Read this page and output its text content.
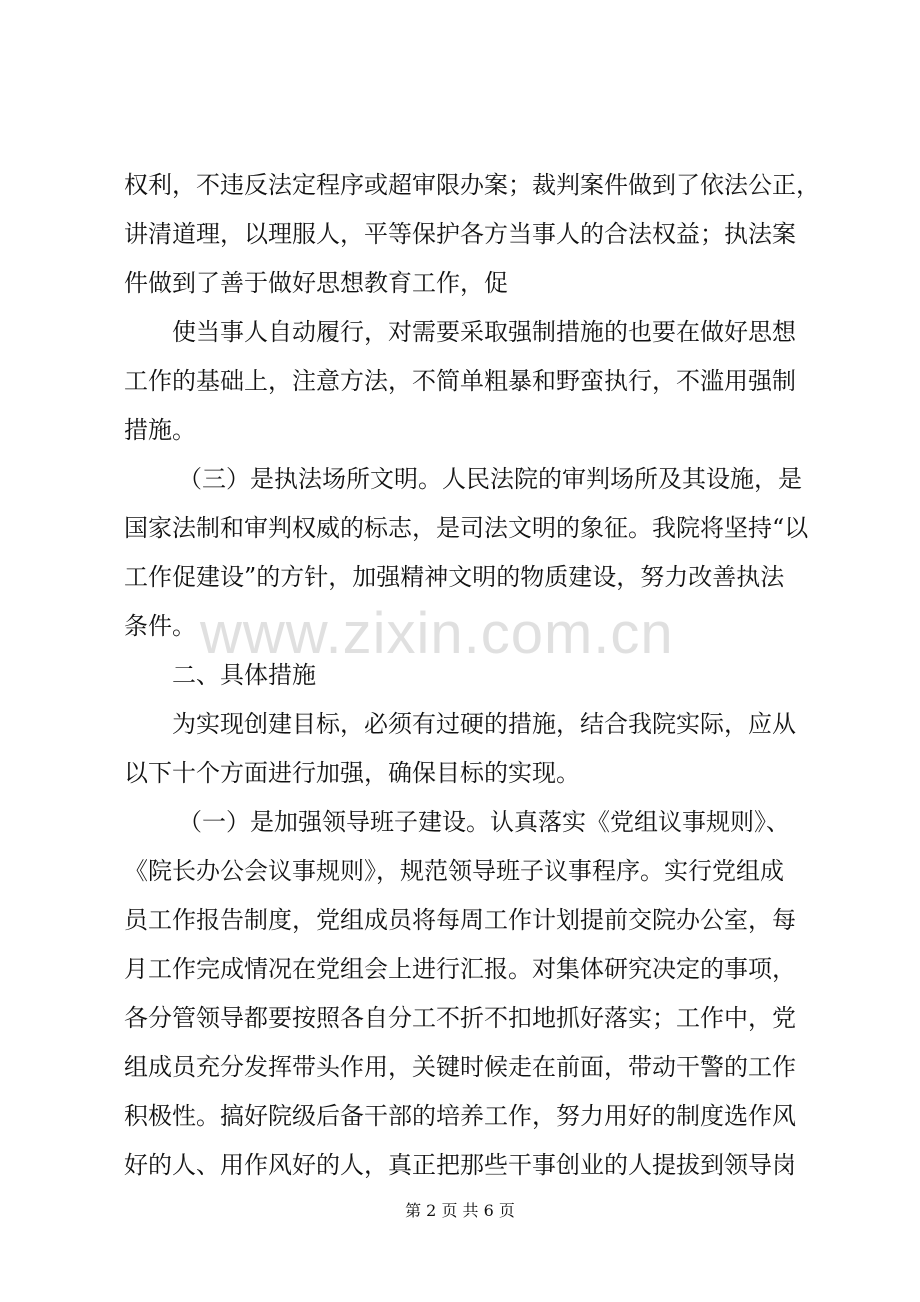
www.zixin.com.cn
权利，不违反法定程序或超审限办案；裁判案件做到了依法公正，
讲清道理，以理服人，平等保护各方当事人的合法权益；执法案
件做到了善于做好思想教育工作，促
使当事人自动履行，对需要采取强制措施的也要在做好思想
工作的基础上，注意方法，不简单粗暴和野蛮执行，不滥用强制
措施。
（三）是执法场所文明。人民法院的审判场所及其设施，是
国家法制和审判权威的标志，是司法文明的象征。我院将坚持“以
工作促建设”的方针，加强精神文明的物质建设，努力改善执法
条件。
二、具体措施
为实现创建目标，必须有过硬的措施，结合我院实际，应从
以下十个方面进行加强，确保目标的实现。
（一）是加强领导班子建设。认真落实《党组议事规则》、
《院长办公会议事规则》，规范领导班子议事程序。实行党组成
员工作报告制度，党组成员将每周工作计划提前交院办公室，每
月工作完成情况在党组会上进行汇报。对集体研究决定的事项，
各分管领导都要按照各自分工不折不扣地抓好落实；工作中，党
组成员充分发挥带头作用，关键时候走在前面，带动干警的工作
积极性。搞好院级后备干部的培养工作，努力用好的制度选作风
好的人、用作风好的人，真正把那些干事创业的人提拔到领导岗
第 2 页 共 6 页
